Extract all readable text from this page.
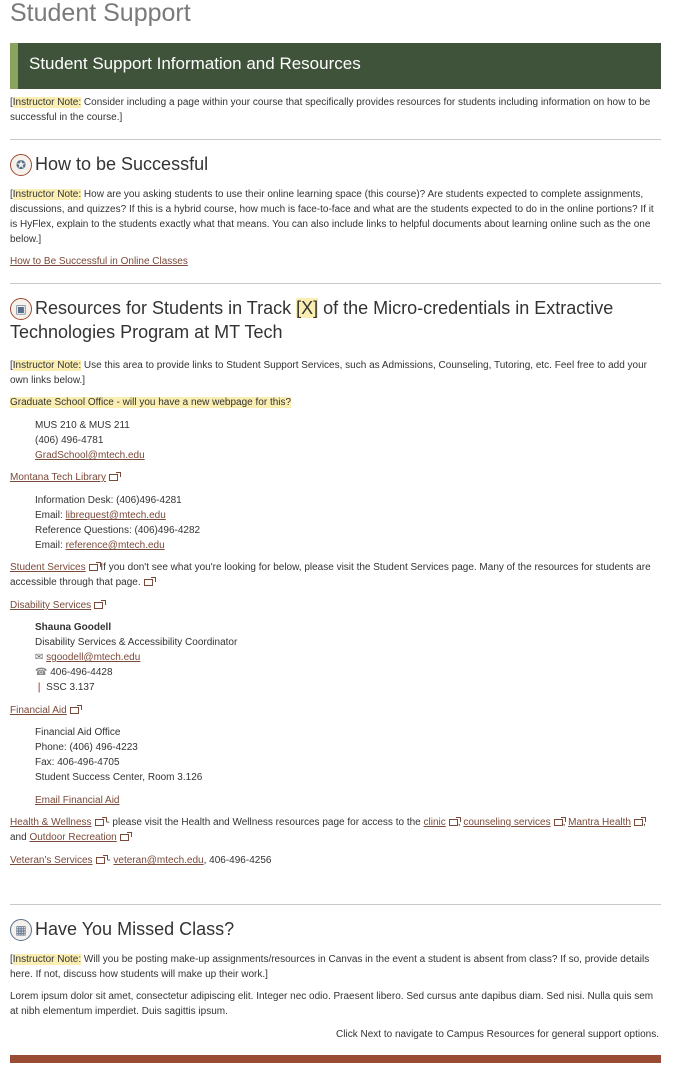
Student Support
Student Support Information and Resources
[Instructor Note: Consider including a page within your course that specifically provides resources for students including information on how to be successful in the course.]
✪ How to be Successful
[Instructor Note: How are you asking students to use their online learning space (this course)? Are students expected to complete assignments, discussions, and quizzes? If this is a hybrid course, how much is face-to-face and what are the students expected to do in the online portions? If it is HyFlex, explain to the students exactly what that means. You can also include links to helpful documents about learning online such as the one below.]
How to Be Successful in Online Classes
▣ Resources for Students in Track [X] of the Micro-credentials in Extractive Technologies Program at MT Tech
[Instructor Note: Use this area to provide links to Student Support Services, such as Admissions, Counseling, Tutoring, etc. Feel free to add your own links below.]
Graduate School Office - will you have a new webpage for this?
MUS 210 & MUS 211
(406) 496-4781
GradSchool@mtech.edu
Montana Tech Library
Information Desk: (406)496-4281
Email: librequest@mtech.edu
Reference Questions: (406)496-4282
Email: reference@mtech.edu
Student Services If you don't see what you're looking for below, please visit the Student Services page. Many of the resources for students are accessible through that page.
Disability Services
Shauna Goodell
Disability Services & Accessibility Coordinator
✉ sgoodell@mtech.edu
☎ 406-496-4428
❘ SSC 3.137
Financial Aid
Financial Aid Office
Phone: (406) 496-4223
Fax: 406-496-4705
Student Success Center, Room 3.126
Email Financial Aid
Health & Wellness - please visit the Health and Wellness resources page for access to the clinic , counseling services , Mantra Health , and Outdoor Recreation
Veteran's Services - veteran@mtech.edu, 406-496-4256
▦ Have You Missed Class?
[Instructor Note: Will you be posting make-up assignments/resources in Canvas in the event a student is absent from class? If so, provide details here. If not, discuss how students will make up their work.]
Lorem ipsum dolor sit amet, consectetur adipiscing elit. Integer nec odio. Praesent libero. Sed cursus ante dapibus diam. Sed nisi. Nulla quis sem at nibh elementum imperdiet. Duis sagittis ipsum.
Click Next to navigate to Campus Resources for general support options.
